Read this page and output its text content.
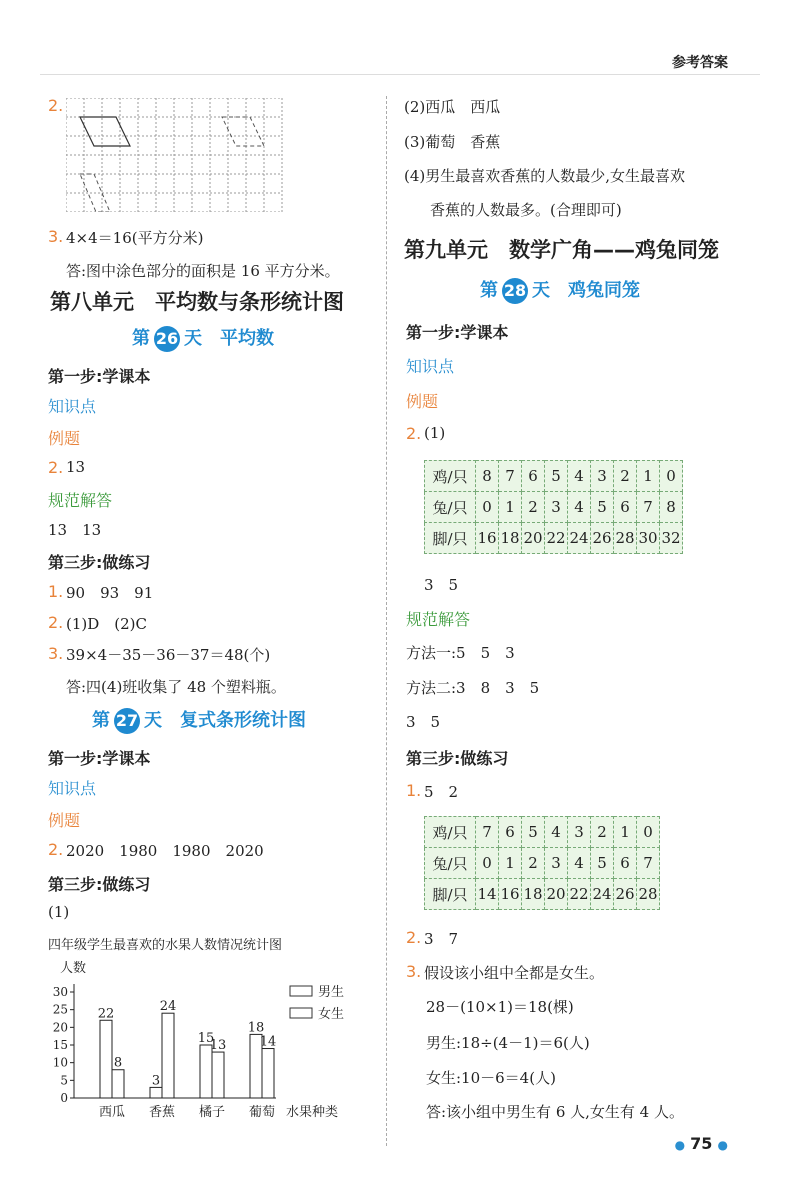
参考答案
2.
3. 4×4＝16(平方分米)
答:图中涂色部分的面积是 16 平方分米。
第八单元　平均数与条形统计图
第 26 天　 平均数
第一步:学课本
知识点
例题
2. 13
规范解答
13　13
第三步:做练习
1. 90　93　91
2. (1)D　(2)C
3. 39×4－35－36－37＝48(个)
答:四(4)班收集了 48 个塑料瓶。
第 27 天　 复式条形统计图
第一步:学课本
知识点
例题
2. 2020　1980　1980　2020
第三步:做练习
(1)
四年级学生最喜欢的水果人数情况统计图
人数
水果种类
男生
女生
0
5
10
15
20
25
30
22
8
西瓜
3
24
香蕉
15
13
橘子
18
14
葡萄
(2)西瓜　西瓜
(3)葡萄　香蕉
(4)男生最喜欢香蕉的人数最少,女生最喜欢
香蕉的人数最多。(合理即可)
第九单元　数学广角——鸡兔同笼
第 28 天　 鸡兔同笼
第一步:学课本
知识点
例题
2. (1)
鸡/只	8	7	6	5	4	3	2	1	0
兔/只	0	1	2	3	4	5	6	7	8
脚/只	16	18	20	22	24	26	28	30	32
3　5
规范解答
方法一:5　5　3
方法二:3　8　3　5
3　5
第三步:做练习
1. 5　2
鸡/只	7	6	5	4	3	2	1	0
兔/只	0	1	2	3	4	5	6	7
脚/只	14	16	18	20	22	24	26	28
2. 3　7
3. 假设该小组中全都是女生。
28－(10×1)＝18(棵)
男生:18÷(4－1)＝6(人)
女生:10－6＝4(人)
答:该小组中男生有 6 人,女生有 4 人。
● 75 ●
